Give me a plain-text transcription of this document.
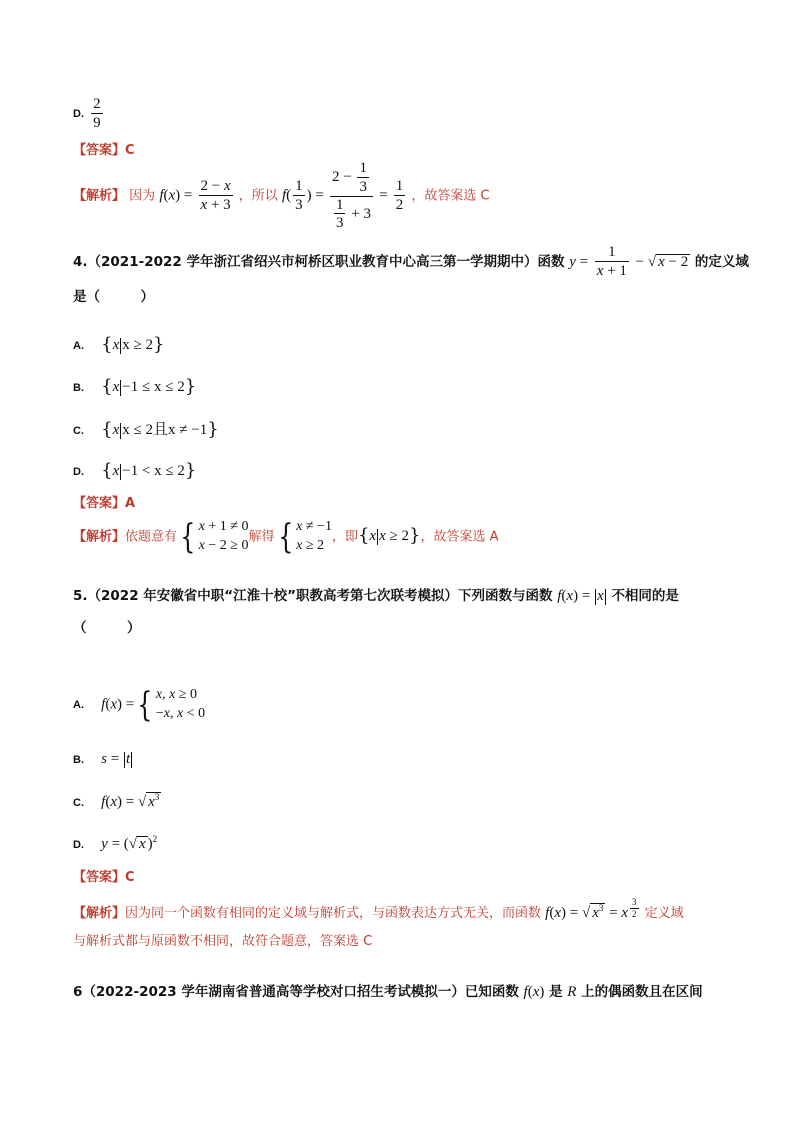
D. $\frac{2}{9}$
【答案】C
【解析】 因为 $f(x) = \frac{2 - x}{x + 3}$ ，所以 $f( \frac{1}{3}$ ) = $\frac{2 - \frac{1}{3}}{\frac{1}{3} + 3} = \frac{1}{2}$ ，故答案选 C
4.（2021-2022 学年浙江省绍兴市柯桥区职业教育中心高三第一学期期中）函数 $y = \frac{1}{x + 1}$ − √ x − 2 的定义域
是（　　　）
A. {x x ≥ 2}
B. {x −1 ≤ x ≤ 2}
C. {x x ≤ 2且x ≠ −1}
D. {x −1 < x ≤ 2}
【答案】A
【解析】依题意有{ x + 1 ≠ 0
x − 2 ≥ 0
解得{ x ≠ −1
x ≥ 2
，即{x x ≥ 2}，故答案选 A
5.（2022 年安徽省中职“江淮十校”职教高考第七次联考模拟）下列函数与函数 f(x) = x 不相同的是
（　　　）
A. f(x) ={ x, x ≥ 0
−x, x < 0
B. s = t
C. f(x) = √ $x^3$
D. y = (√ x )$^2$
【答案】C
【解析】因为同一个函数有相同的定义域与解析式，与函数表达方式无关，而函数 f(x) = √ $x^3 = x$ $^{\frac{3}{2}}$ 定义域
与解析式都与原函数不相同，故符合题意，答案选 C
6（2022-2023 学年湖南省普通高等学校对口招生考试模拟一）已知函数 f(x) 是 R 上的偶函数且在区间
